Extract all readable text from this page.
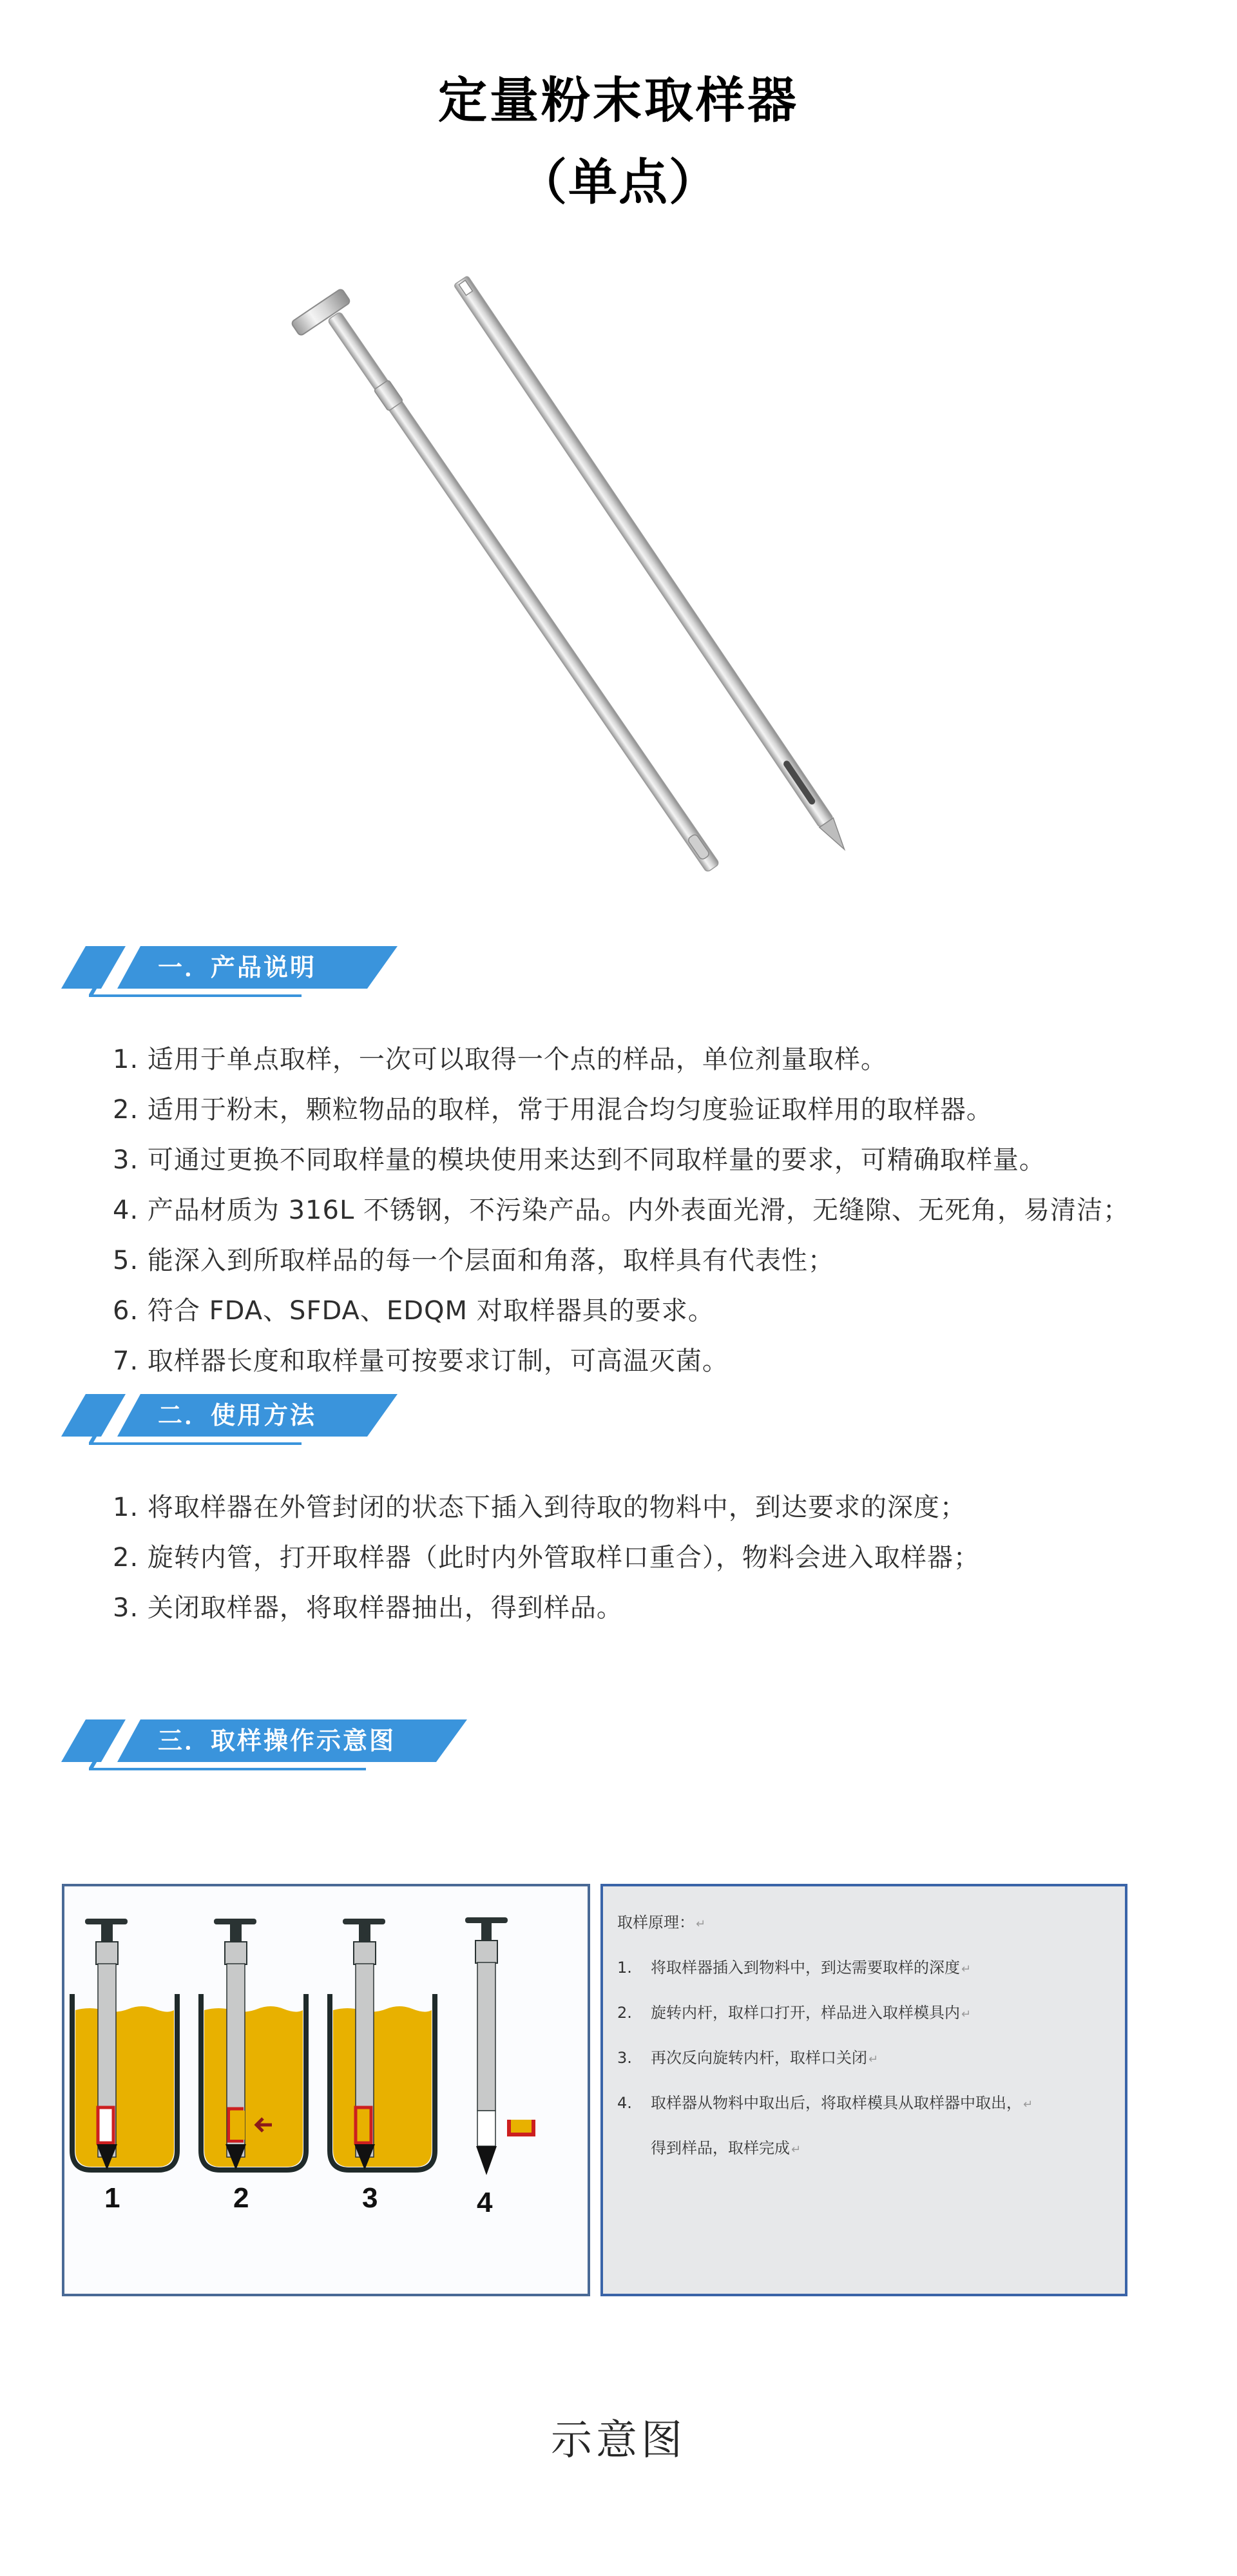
定量粉末取样器
（单点）
一．产品说明
1. 适用于单点取样，一次可以取得一个点的样品，单位剂量取样。
2. 适用于粉末，颗粒物品的取样，常于用混合均匀度验证取样用的取样器。
3. 可通过更换不同取样量的模块使用来达到不同取样量的要求，可精确取样量。
4. 产品材质为 316L 不锈钢，不污染产品。内外表面光滑，无缝隙、无死角，易清洁；
5. 能深入到所取样品的每一个层面和角落，取样具有代表性；
6. 符合 FDA、SFDA、EDQM 对取样器具的要求。
7. 取样器长度和取样量可按要求订制，可高温灭菌。
二．使用方法
1. 将取样器在外管封闭的状态下插入到待取的物料中，到达要求的深度；
2. 旋转内管，打开取样器（此时内外管取样口重合），物料会进入取样器；
3. 关闭取样器，将取样器抽出，得到样品。
三．取样操作示意图
1	2	3	4
取样原理： ↵
1. 将取样器插入到物料中，到达需要取样的深度 ↵
2. 旋转内杆，取样口打开，样品进入取样模具内 ↵
3. 再次反向旋转内杆，取样口关闭 ↵
4. 取样器从物料中取出后，将取样模具从取样器中取出， ↵
得到样品，取样完成 ↵
示意图
